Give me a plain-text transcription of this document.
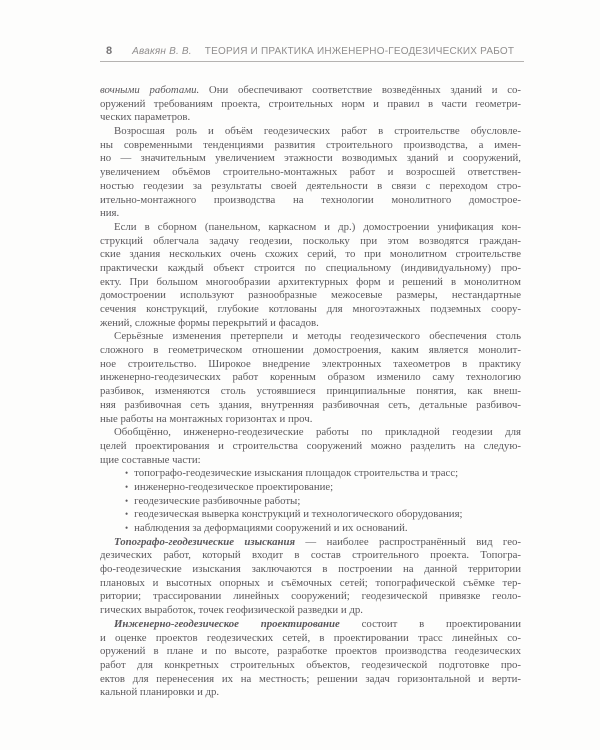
8 Авакян В. В. ТЕОРИЯ И ПРАКТИКА ИНЖЕНЕРНО-ГЕОДЕЗИЧЕСКИХ РАБОТ
вочными работами. Они обеспечивают соответствие возведённых зданий и со-
оружений требованиям проекта, строительных норм и правил в части геометри-
ческих параметров.
Возросшая роль и объём геодезических работ в строительстве обусловле-
ны современными тенденциями развития строительного производства, а имен-
но — значительным увеличением этажности возводимых зданий и сооружений,
увеличением объёмов строительно-монтажных работ и возросшей ответствен-
ностью геодезии за результаты своей деятельности в связи с переходом стро-
ительно-монтажного производства на технологии монолитного домострое-
ния.
Если в сборном (панельном, каркасном и др.) домостроении унификация кон-
струкций облегчала задачу геодезии, поскольку при этом возводятся граждан-
ские здания нескольких очень схожих серий, то при монолитном строительстве
практически каждый объект строится по специальному (индивидуальному) про-
екту. При большом многообразии архитектурных форм и решений в монолитном
домостроении используют разнообразные межосевые размеры, нестандартные
сечения конструкций, глубокие котлованы для многоэтажных подземных соору-
жений, сложные формы перекрытий и фасадов.
Серьёзные изменения претерпели и методы геодезического обеспечения столь
сложного в геометрическом отношении домостроения, каким является монолит-
ное строительство. Широкое внедрение электронных тахеометров в практику
инженерно-геодезических работ коренным образом изменило саму технологию
разбивок, изменяются столь устоявшиеся принципиальные понятия, как внеш-
няя разбивочная сеть здания, внутренняя разбивочная сеть, детальные разбивоч-
ные работы на монтажных горизонтах и проч.
Обобщённо, инженерно-геодезические работы по прикладной геодезии для
целей проектирования и строительства сооружений можно разделить на следую-
щие составные части:
• топографо-геодезические изыскания площадок строительства и трасс;
• инженерно-геодезическое проектирование;
• геодезические разбивочные работы;
• геодезическая выверка конструкций и технологического оборудования;
• наблюдения за деформациями сооружений и их оснований.
Топографо-геодезические изыскания — наиболее распространённый вид гео-
дезических работ, который входит в состав строительного проекта. Топогра-
фо-геодезические изыскания заключаются в построении на данной территории
плановых и высотных опорных и съёмочных сетей; топографической съёмке тер-
ритории; трассировании линейных сооружений; геодезической привязке геоло-
гических выработок, точек геофизической разведки и др.
Инженерно-геодезическое проектирование состоит в проектировании
и оценке проектов геодезических сетей, в проектировании трасс линейных со-
оружений в плане и по высоте, разработке проектов производства геодезических
работ для конкретных строительных объектов, геодезической подготовке про-
ектов для перенесения их на местность; решении задач горизонтальной и верти-
кальной планировки и др.
